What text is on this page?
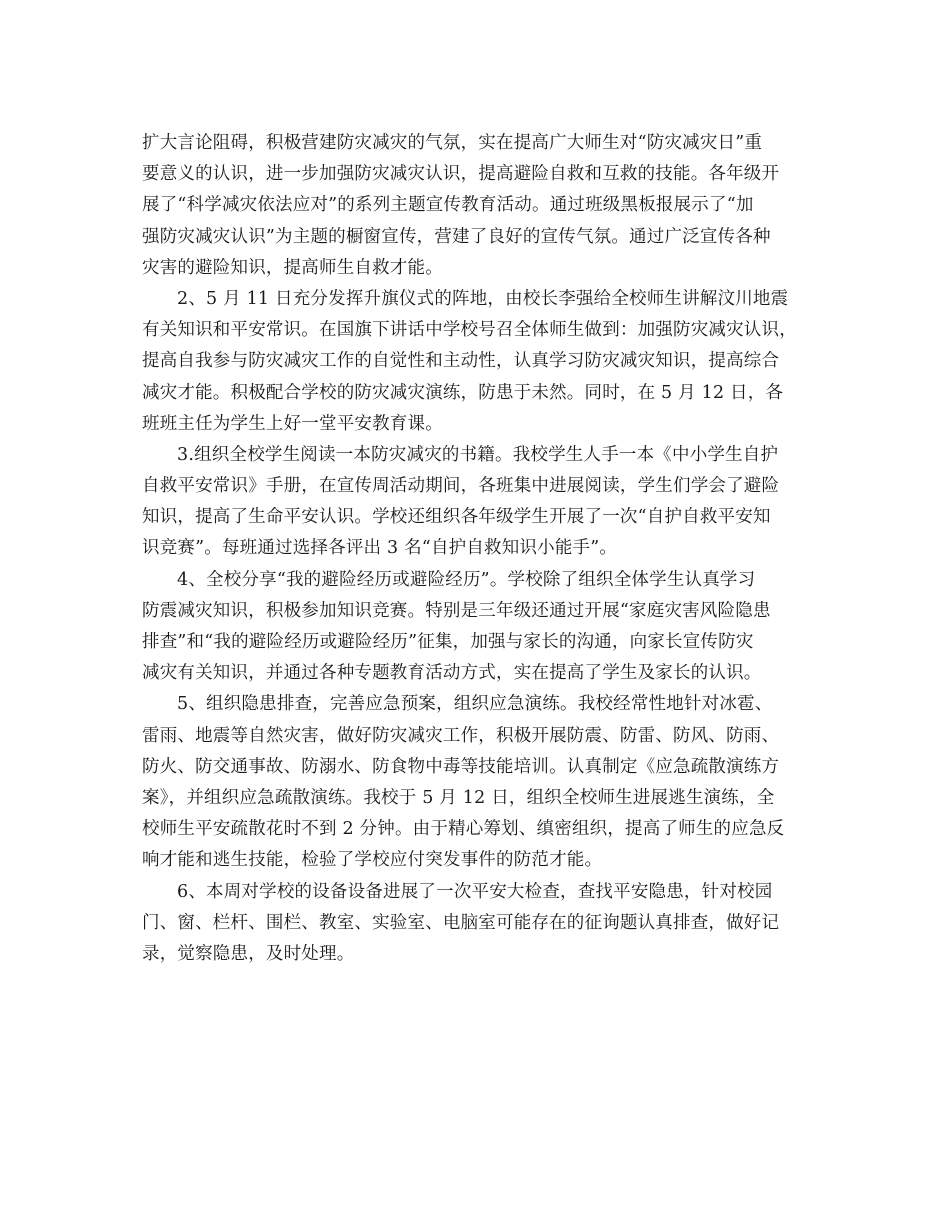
扩大言论阻碍，积极营建防灾减灾的气氛，实在提高广大师生对“防灾减灾日”重
要意义的认识，进一步加强防灾减灾认识，提高避险自救和互救的技能。各年级开
展了“科学减灾依法应对”的系列主题宣传教育活动。通过班级黑板报展示了“加
强防灾减灾认识”为主题的橱窗宣传，营建了良好的宣传气氛。通过广泛宣传各种
灾害的避险知识，提高师生自救才能。
2、5 月 11 日充分发挥升旗仪式的阵地，由校长李强给全校师生讲解汶川地震
有关知识和平安常识。在国旗下讲话中学校号召全体师生做到：加强防灾减灾认识，
提高自我参与防灾减灾工作的自觉性和主动性，认真学习防灾减灾知识，提高综合
减灾才能。积极配合学校的防灾减灾演练，防患于未然。同时，在 5 月 12 日，各
班班主任为学生上好一堂平安教育课。
3.组织全校学生阅读一本防灾减灾的书籍。我校学生人手一本《中小学生自护
自救平安常识》手册，在宣传周活动期间，各班集中进展阅读，学生们学会了避险
知识，提高了生命平安认识。学校还组织各年级学生开展了一次“自护自救平安知
识竞赛”。每班通过选择各评出 3 名“自护自救知识小能手”。
4、全校分享“我的避险经历或避险经历”。学校除了组织全体学生认真学习
防震减灾知识，积极参加知识竞赛。特别是三年级还通过开展“家庭灾害风险隐患
排查”和“我的避险经历或避险经历”征集，加强与家长的沟通，向家长宣传防灾
减灾有关知识，并通过各种专题教育活动方式，实在提高了学生及家长的认识。
5、组织隐患排查，完善应急预案，组织应急演练。我校经常性地针对冰雹、
雷雨、地震等自然灾害，做好防灾减灾工作，积极开展防震、防雷、防风、防雨、
防火、防交通事故、防溺水、防食物中毒等技能培训。认真制定《应急疏散演练方
案》，并组织应急疏散演练。我校于 5 月 12 日，组织全校师生进展逃生演练，全
校师生平安疏散花时不到 2 分钟。由于精心筹划、缜密组织，提高了师生的应急反
响才能和逃生技能，检验了学校应付突发事件的防范才能。
6、本周对学校的设备设备进展了一次平安大检查，查找平安隐患，针对校园
门、窗、栏杆、围栏、教室、实验室、电脑室可能存在的征询题认真排查，做好记
录，觉察隐患，及时处理。
